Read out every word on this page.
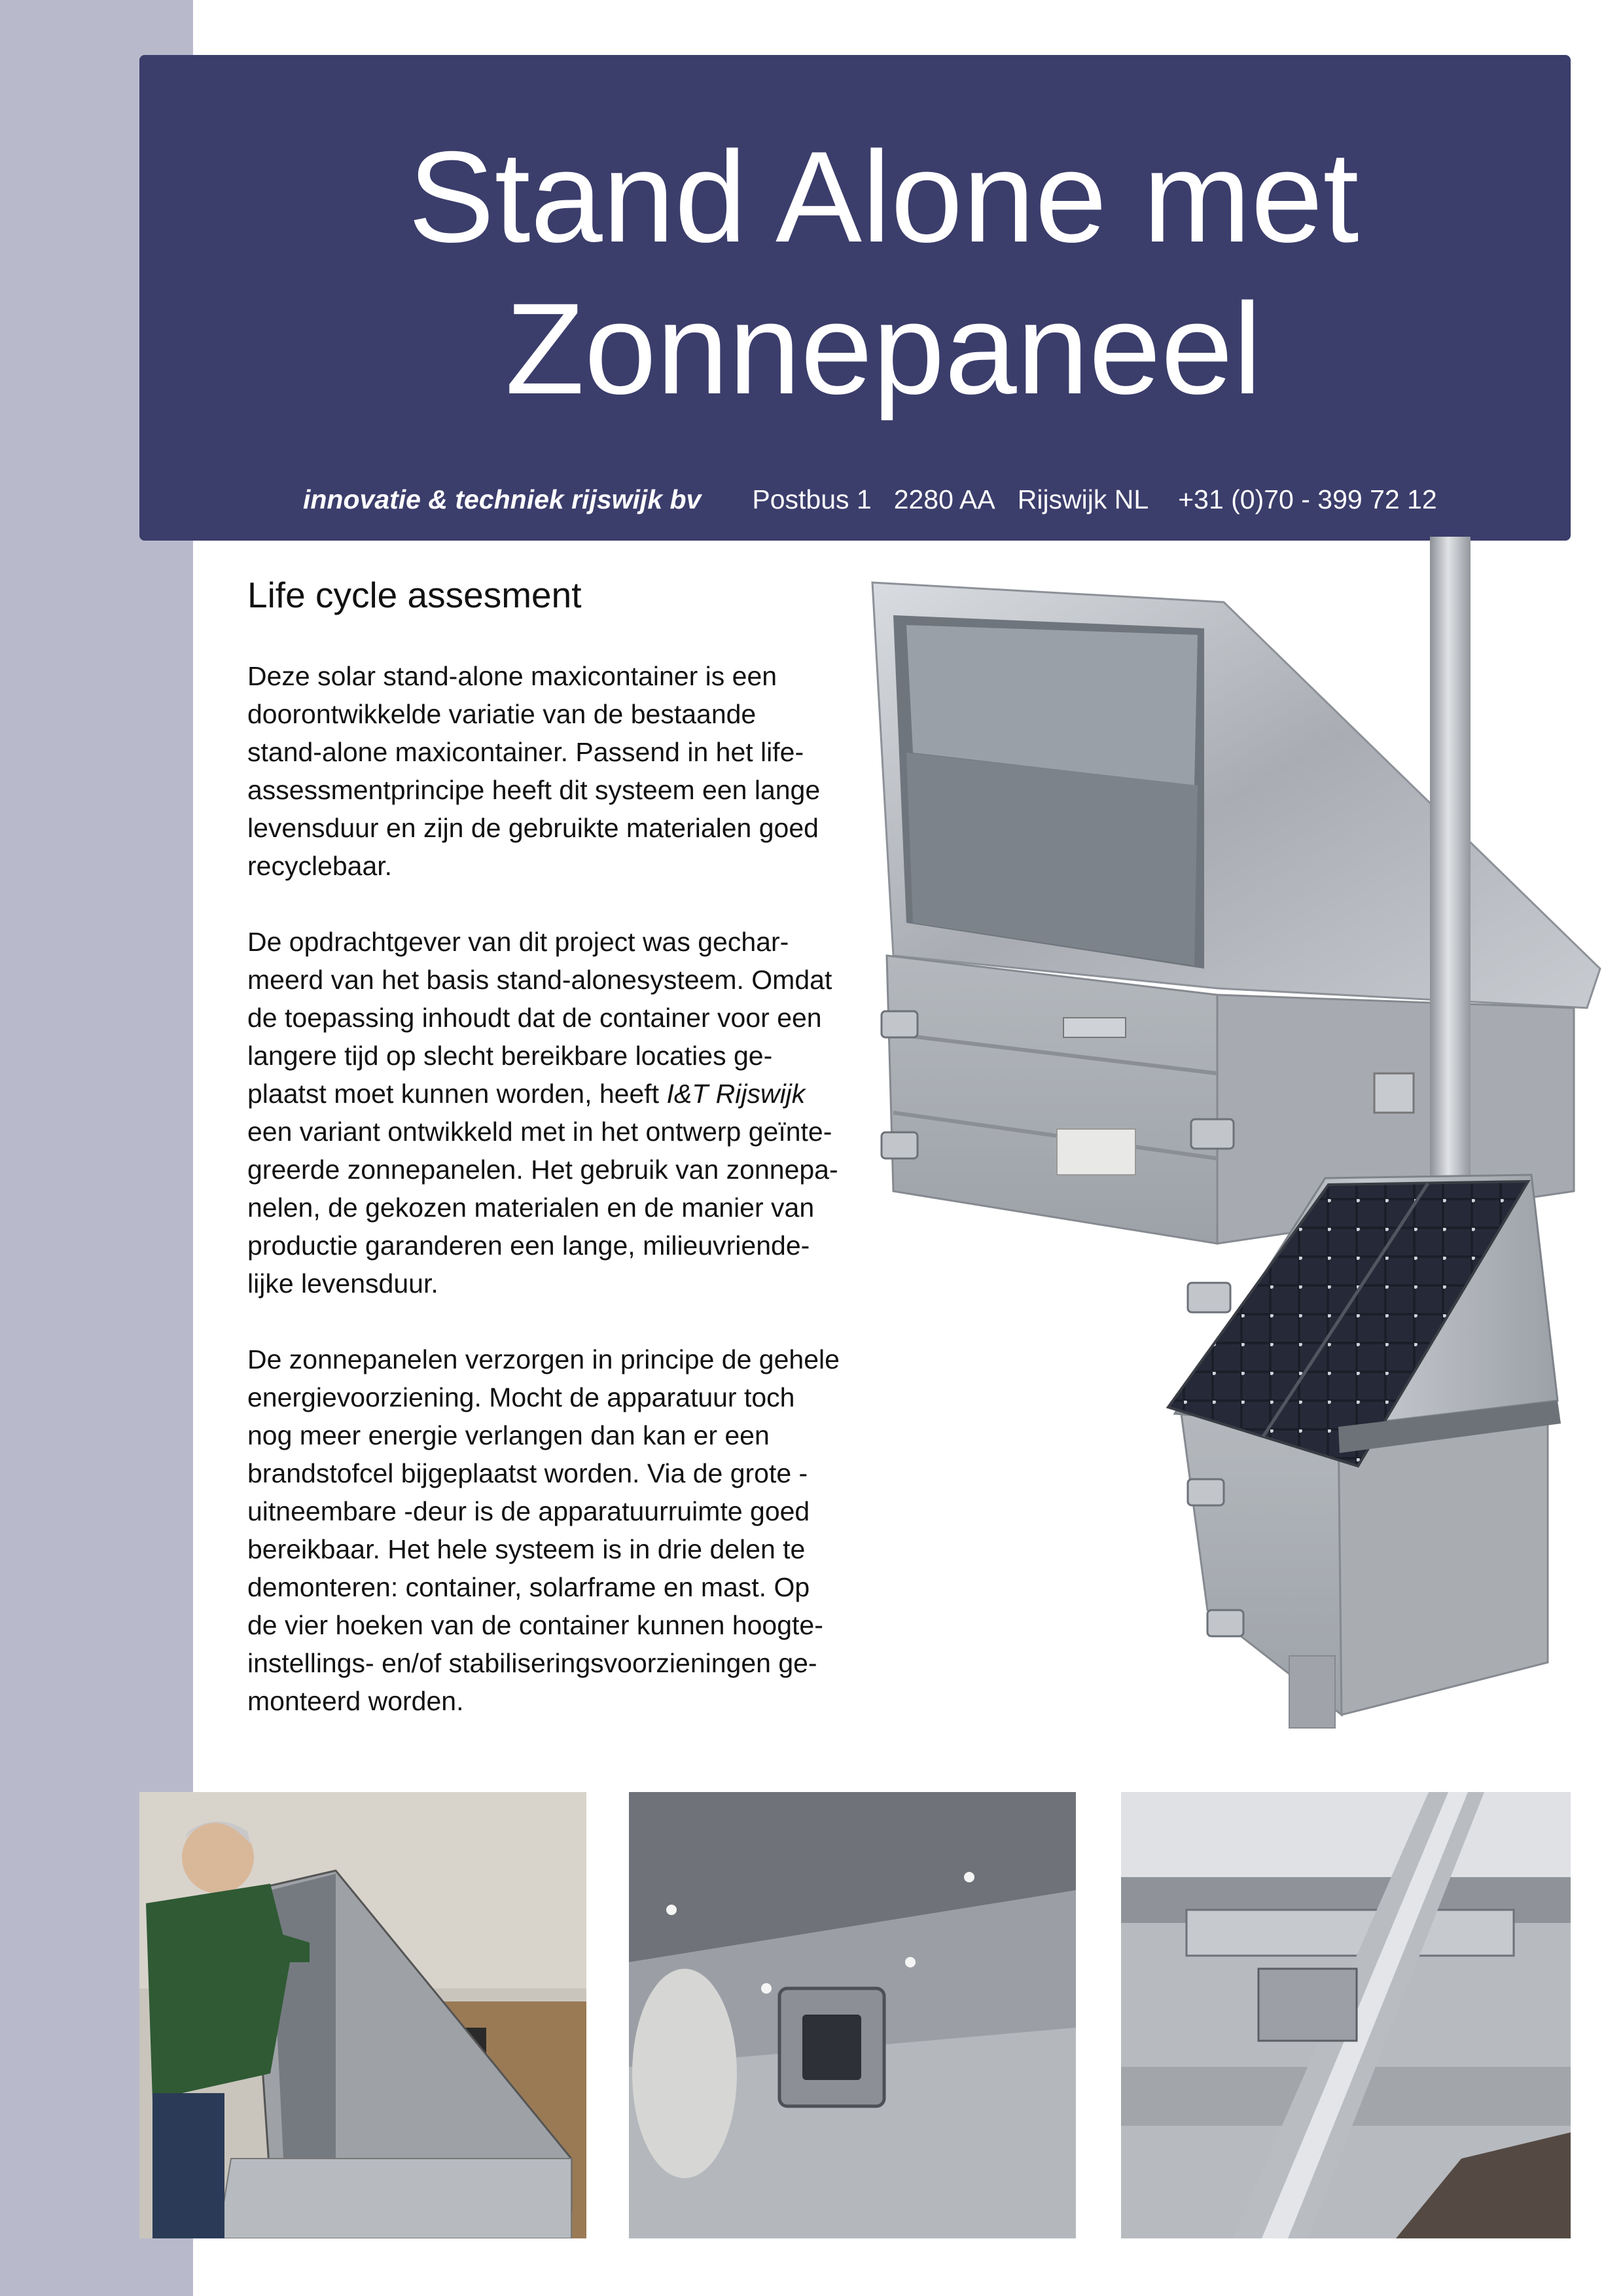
Stand Alone met
Zonnepaneel
innovatie & techniek rijswijk bv Postbus 1 2280 AA Rijswijk NL +31 (0)70 - 399 72 12
Life cycle assesment

Deze solar stand-alone maxicontainer is een
doorontwikkelde variatie van de bestaande
stand-alone maxicontainer. Passend in het life-
assessmentprincipe heeft dit systeem een lange
levensduur en zijn de gebruikte materialen goed
recyclebaar.

De opdrachtgever van dit project was gechar-
meerd van het basis stand-alonesysteem. Omdat
de toepassing inhoudt dat de container voor een
langere tijd op slecht bereikbare locaties ge-
plaatst moet kunnen worden, heeft I&T Rijswijk
een variant ontwikkeld met in het ontwerp geïnte-
greerde zonnepanelen. Het gebruik van zonnepa-
nelen, de gekozen materialen en de manier van
productie garanderen een lange, milieuvriende-
lijke levensduur.

De zonnepanelen verzorgen in principe de gehele
energievoorziening. Mocht de apparatuur toch
nog meer energie verlangen dan kan er een
brandstofcel bijgeplaatst worden. Via de grote -
uitneembare -deur is de apparatuurruimte goed
bereikbaar. Het hele systeem is in drie delen te
demonteren: container, solarframe en mast. Op
de vier hoeken van de container kunnen hoogte-
instellings- en/of stabiliseringsvoorzieningen ge-
monteerd worden.
